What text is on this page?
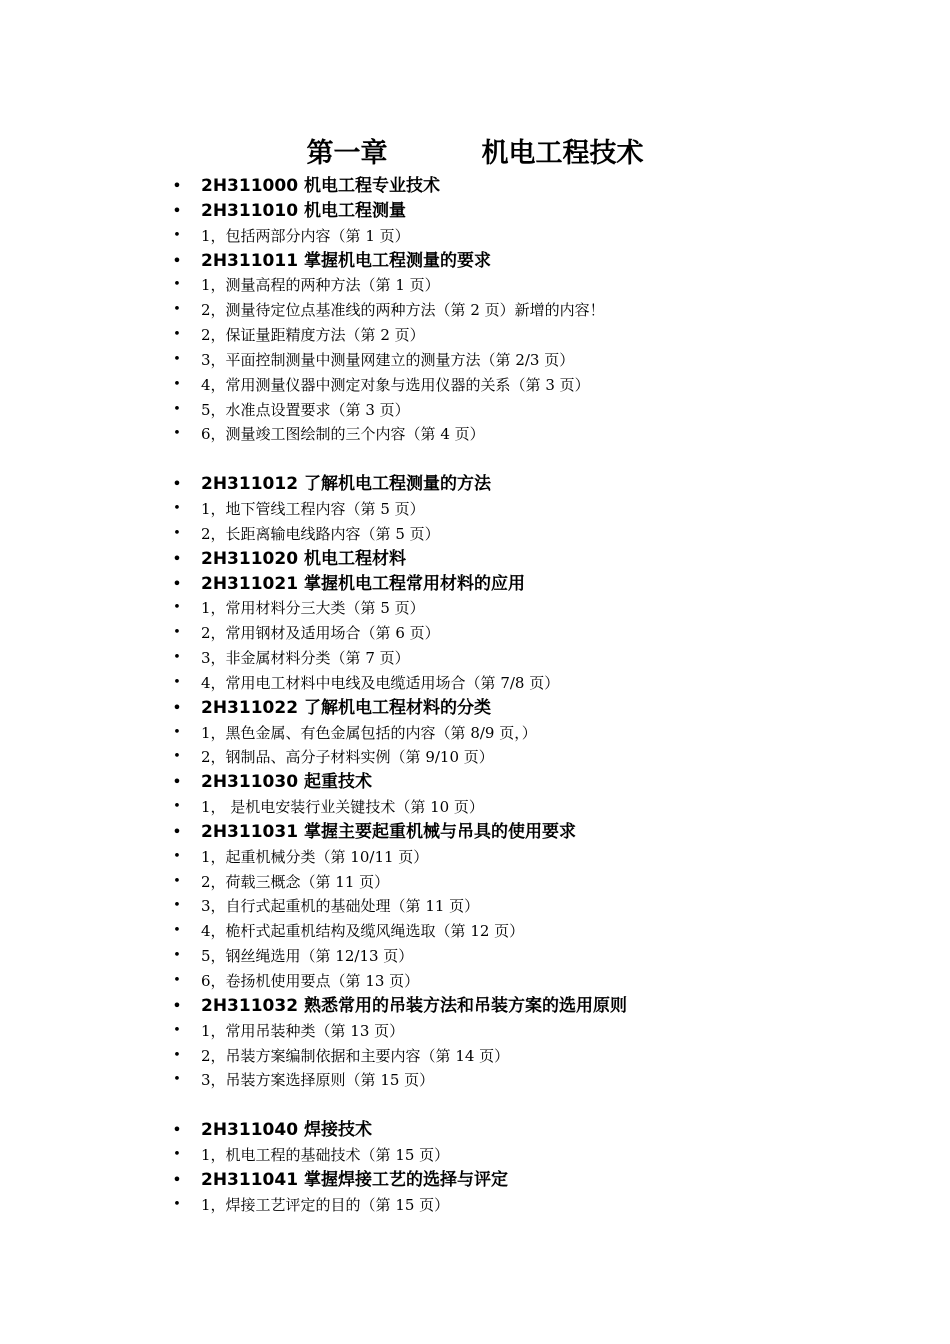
第一章          机电工程技术
• 2H311000 机电工程专业技术
• 2H311010 机电工程测量
• 1，包括两部分内容（第 1 页）
• 2H311011 掌握机电工程测量的要求
• 1，测量高程的两种方法（第 1 页）
• 2，测量待定位点基准线的两种方法（第 2 页）新增的内容！
• 2，保证量距精度方法（第 2 页）
• 3，平面控制测量中测量网建立的测量方法（第 2/3 页）
• 4，常用测量仪器中测定对象与选用仪器的关系（第 3 页）
• 5，水准点设置要求（第 3 页）
• 6，测量竣工图绘制的三个内容（第 4 页）
• 2H311012 了解机电工程测量的方法
• 1，地下管线工程内容（第 5 页）
• 2，长距离输电线路内容（第 5 页）
• 2H311020 机电工程材料
• 2H311021 掌握机电工程常用材料的应用
• 1，常用材料分三大类（第 5 页）
• 2，常用钢材及适用场合（第 6 页）
• 3，非金属材料分类（第 7 页）
• 4，常用电工材料中电线及电缆适用场合（第 7/8 页）
• 2H311022 了解机电工程材料的分类
• 1，黑色金属、有色金属包括的内容（第 8/9 页，）
• 2，钢制品、高分子材料实例（第 9/10 页）
• 2H311030 起重技术
• 1， 是机电安装行业关键技术（第 10 页）
• 2H311031 掌握主要起重机械与吊具的使用要求
• 1，起重机械分类（第 10/11 页）
• 2，荷载三概念（第 11 页）
• 3，自行式起重机的基础处理（第 11 页）
• 4，桅杆式起重机结构及缆风绳选取（第 12 页）
• 5，钢丝绳选用（第 12/13 页）
• 6，卷扬机使用要点（第 13 页）
• 2H311032 熟悉常用的吊装方法和吊装方案的选用原则
• 1，常用吊装种类（第 13 页）
• 2，吊装方案编制依据和主要内容（第 14 页）
• 3，吊装方案选择原则（第 15 页）
• 2H311040 焊接技术
• 1，机电工程的基础技术（第 15 页）
• 2H311041 掌握焊接工艺的选择与评定
• 1，焊接工艺评定的目的（第 15 页）
